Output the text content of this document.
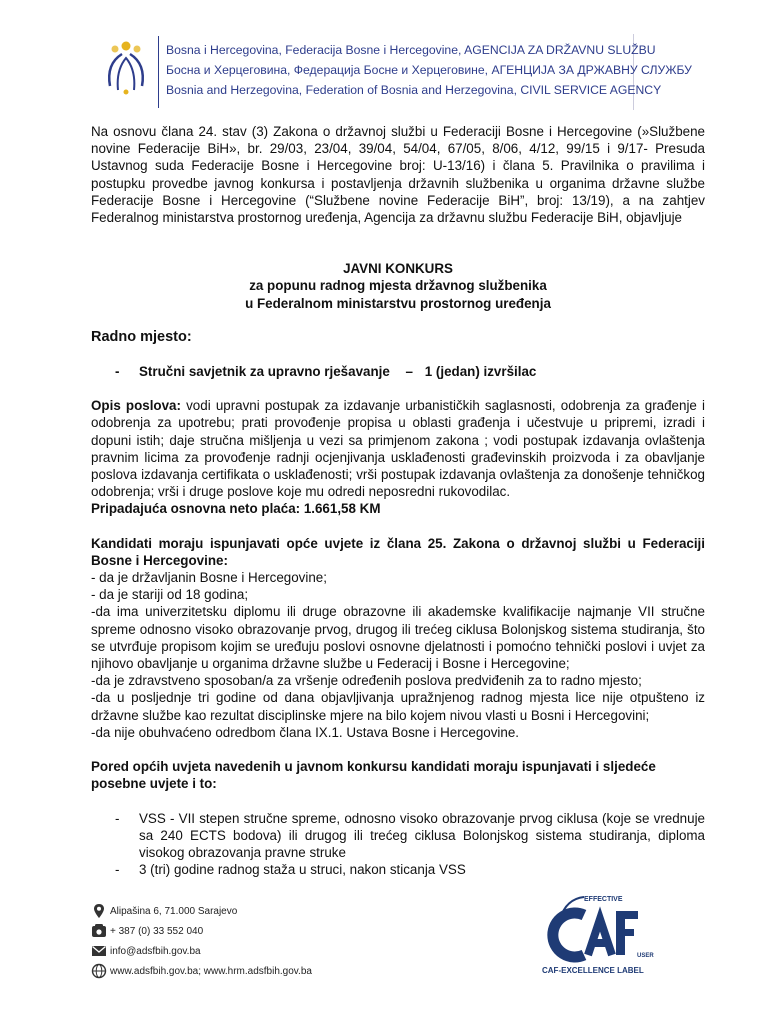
Bosna i Hercegovina, Federacija Bosne i Hercegovine, AGENCIJA ZA DRŽAVNU SLUŽBU
Босна и Херцеговина, Федерација Босне и Херцеговине, АГЕНЦИЈА ЗА ДРЖАВНУ СЛУЖБУ
Bosnia and Herzegovina, Federation of Bosnia and Herzegovina, CIVIL SERVICE AGENCY

Na osnovu člana 24. stav (3) Zakona o državnoj službi u Federaciji Bosne i Hercegovine (»Službene novine Federacije BiH», br. 29/03, 23/04, 39/04, 54/04, 67/05, 8/06, 4/12, 99/15 i 9/17- Presuda Ustavnog suda Federacije Bosne i Hercegovine broj: U-13/16) i člana 5. Pravilnika o pravilima i postupku provedbe javnog konkursa i postavljenja državnih službenika u organima državne službe Federacije Bosne i Hercegovine (“Službene novine Federacije BiH”, broj: 13/19), a na zahtjev Federalnog ministarstva prostornog uređenja, Agencija za državnu službu Federacije BiH, objavljuje

JAVNI KONKURS

za popunu radnog mjesta državnog službenika

u Federalnom ministarstvu prostornog uređenja

Radno mjesto:

- Stručni savjetnik za upravno rješavanje – 1 (jedan) izvršilac

Opis poslova: vodi upravni postupak za izdavanje urbanističkih saglasnosti, odobrenja za građenje i odobrenja za upotrebu; prati provođenje propisa u oblasti građenja i učestvuje u pripremi, izradi i dopuni istih; daje stručna mišljenja u vezi sa primjenom zakona ; vodi postupak izdavanja ovlaštenja pravnim licima za provođenje radnji ocjenjivanja usklađenosti građevinskih proizvoda i za obavljanje poslova izdavanja certifikata o usklađenosti; vrši postupak izdavanja ovlaštenja za donošenje tehničkog odobrenja; vrši i druge poslove koje mu odredi neposredni rukovodilac.

Pripadajuća osnovna neto plaća: 1.661,58 KM

Kandidati moraju ispunjavati opće uvjete iz člana 25. Zakona o državnoj službi u Federaciji Bosne i Hercegovine:

- da je državljanin Bosne i Hercegovine;

- da je stariji od 18 godina;

-da ima univerzitetsku diplomu ili druge obrazovne ili akademske kvalifikacije najmanje VII stručne spreme odnosno visoko obrazovanje prvog, drugog ili trećeg ciklusa Bolonjskog sistema studiranja, što se utvrđuje propisom kojim se uređuju poslovi osnovne djelatnosti i pomoćno tehnički poslovi i uvjet za njihovo obavljanje u organima državne službe u Federacij i Bosne i Hercegovine;

-da je zdravstveno sposoban/a za vršenje određenih poslova predviđenih za to radno mjesto;

-da u posljednje tri godine od dana objavljivanja upražnjenog radnog mjesta lice nije otpušteno iz državne službe kao rezultat disciplinske mjere na bilo kojem nivou vlasti u Bosni i Hercegovini;

-da nije obuhvaćeno odredbom člana IX.1. Ustava Bosne i Hercegovine.

Pored općih uvjeta navedenih u javnom konkursu kandidati moraju ispunjavati i sljedeće posebne uvjete i to:

- VSS - VII stepen stručne spreme, odnosno visoko obrazovanje prvog ciklusa (koje se vrednuje sa 240 ECTS bodova) ili drugog ili trećeg ciklusa Bolonjskog sistema studiranja, diploma visokog obrazovanja pravne struke
- 3 (tri) godine radnog staža u struci, nakon sticanja VSS
Alipašina 6, 71.000 Sarajevo
+ 387 (0) 33 552 040
info@adsfbih.gov.ba
www.adsfbih.gov.ba; www.hrm.adsfbih.gov.ba
EFFECTIVE
USER
CAF-EXCELLENCE LABEL
